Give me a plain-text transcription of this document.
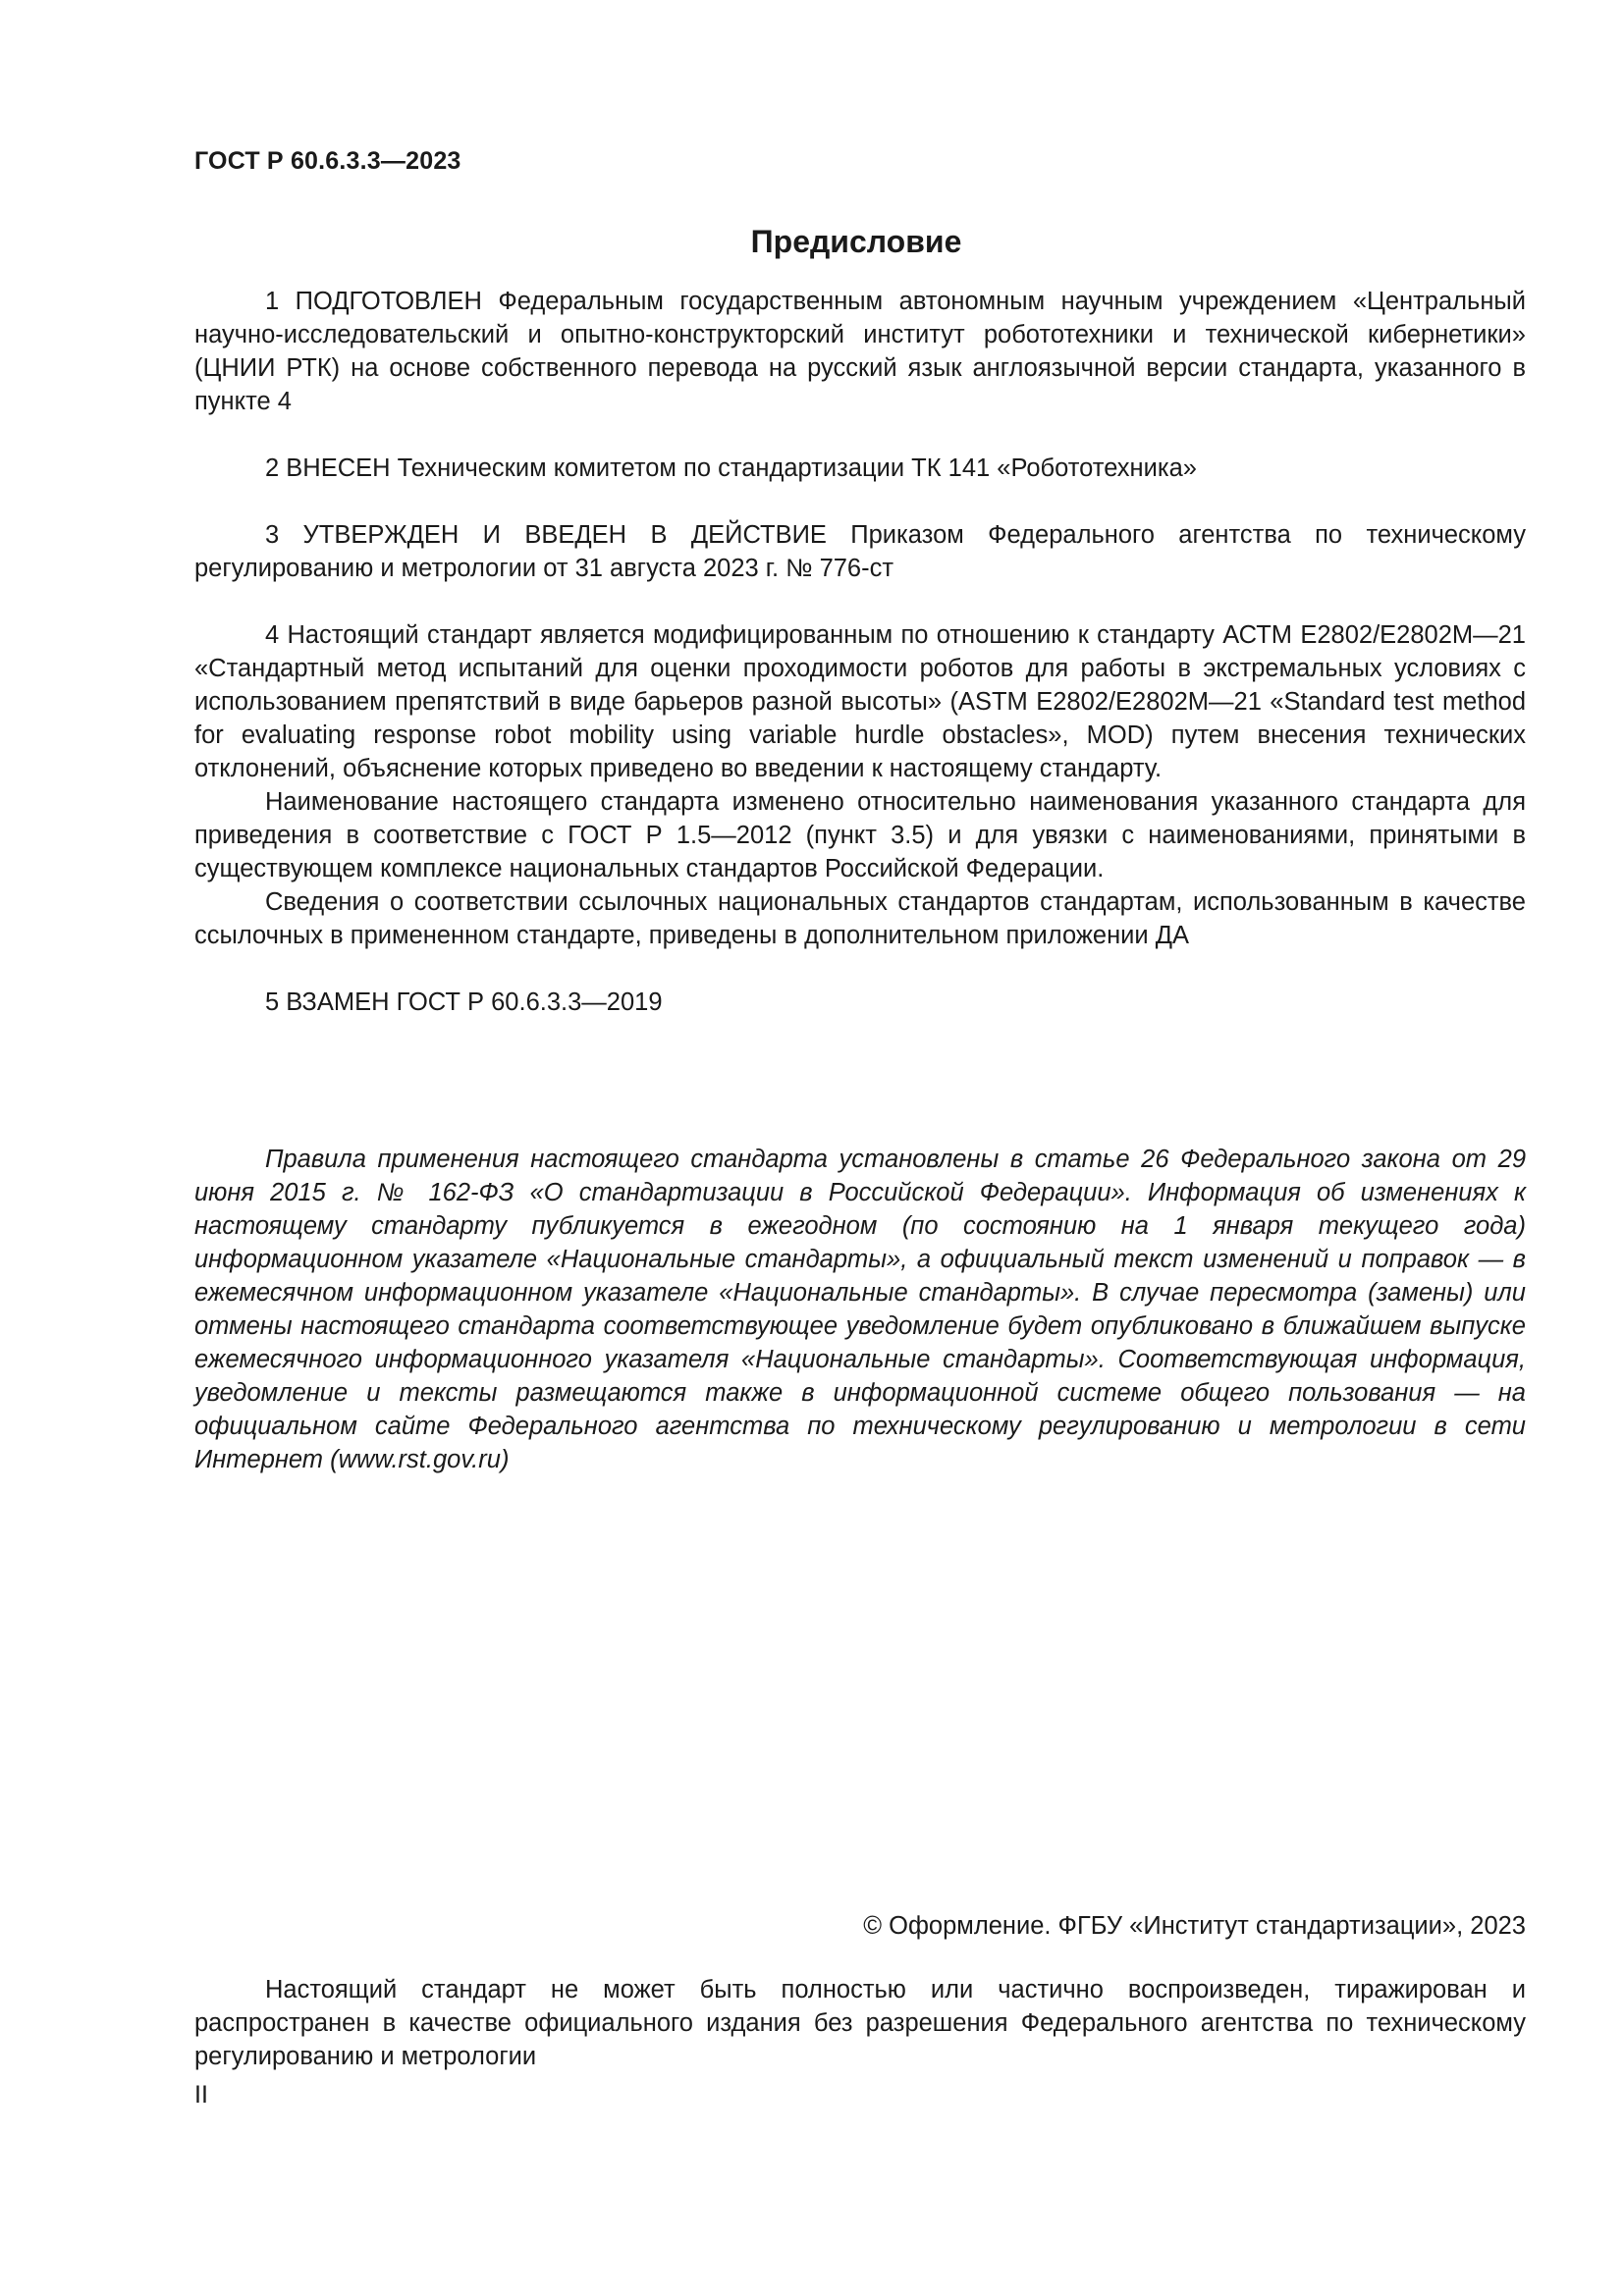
ГОСТ Р 60.6.3.3—2023
Предисловие

1 ПОДГОТОВЛЕН Федеральным государственным автономным научным учреждением «Центральный научно-исследовательский и опытно-конструкторский институт робототехники и технической кибернетики» (ЦНИИ РТК) на основе собственного перевода на русский язык англоязычной версии стандарта, указанного в пункте 4

2 ВНЕСЕН Техническим комитетом по стандартизации ТК 141 «Робототехника»

3 УТВЕРЖДЕН И ВВЕДЕН В ДЕЙСТВИЕ Приказом Федерального агентства по техническому регулированию и метрологии от 31 августа 2023 г. № 776-ст

4 Настоящий стандарт является модифицированным по отношению к стандарту АСТМ Е2802/Е2802М—21 «Стандартный метод испытаний для оценки проходимости роботов для работы в экстремальных условиях с использованием препятствий в виде барьеров разной высоты» (ASTM E2802/E2802M—21 «Standard test method for evaluating response robot mobility using variable hurdle obstacles», MOD) путем внесения технических отклонений, объяснение которых приведено во введении к настоящему стандарту.

Наименование настоящего стандарта изменено относительно наименования указанного стандарта для приведения в соответствие с ГОСТ Р 1.5—2012 (пункт 3.5) и для увязки с наименованиями, принятыми в существующем комплексе национальных стандартов Российской Федерации.

Сведения о соответствии ссылочных национальных стандартов стандартам, использованным в качестве ссылочных в примененном стандарте, приведены в дополнительном приложении ДА

5 ВЗАМЕН ГОСТ Р 60.6.3.3—2019

Правила применения настоящего стандарта установлены в статье 26 Федерального закона от 29 июня 2015 г. № 162-ФЗ «О стандартизации в Российской Федерации». Информация об изменениях к настоящему стандарту публикуется в ежегодном (по состоянию на 1 января текущего года) информационном указателе «Национальные стандарты», а официальный текст изменений и поправок — в ежемесячном информационном указателе «Национальные стандарты». В случае пересмотра (замены) или отмены настоящего стандарта соответствующее уведомление будет опубликовано в ближайшем выпуске ежемесячного информационного указателя «Национальные стандарты». Соответствующая информация, уведомление и тексты размещаются также в информационной системе общего пользования — на официальном сайте Федерального агентства по техническому регулированию и метрологии в сети Интернет (www.rst.gov.ru)

© Оформление. ФГБУ «Институт стандартизации», 2023

Настоящий стандарт не может быть полностью или частично воспроизведен, тиражирован и распространен в качестве официального издания без разрешения Федерального агентства по техническому регулированию и метрологии

II
